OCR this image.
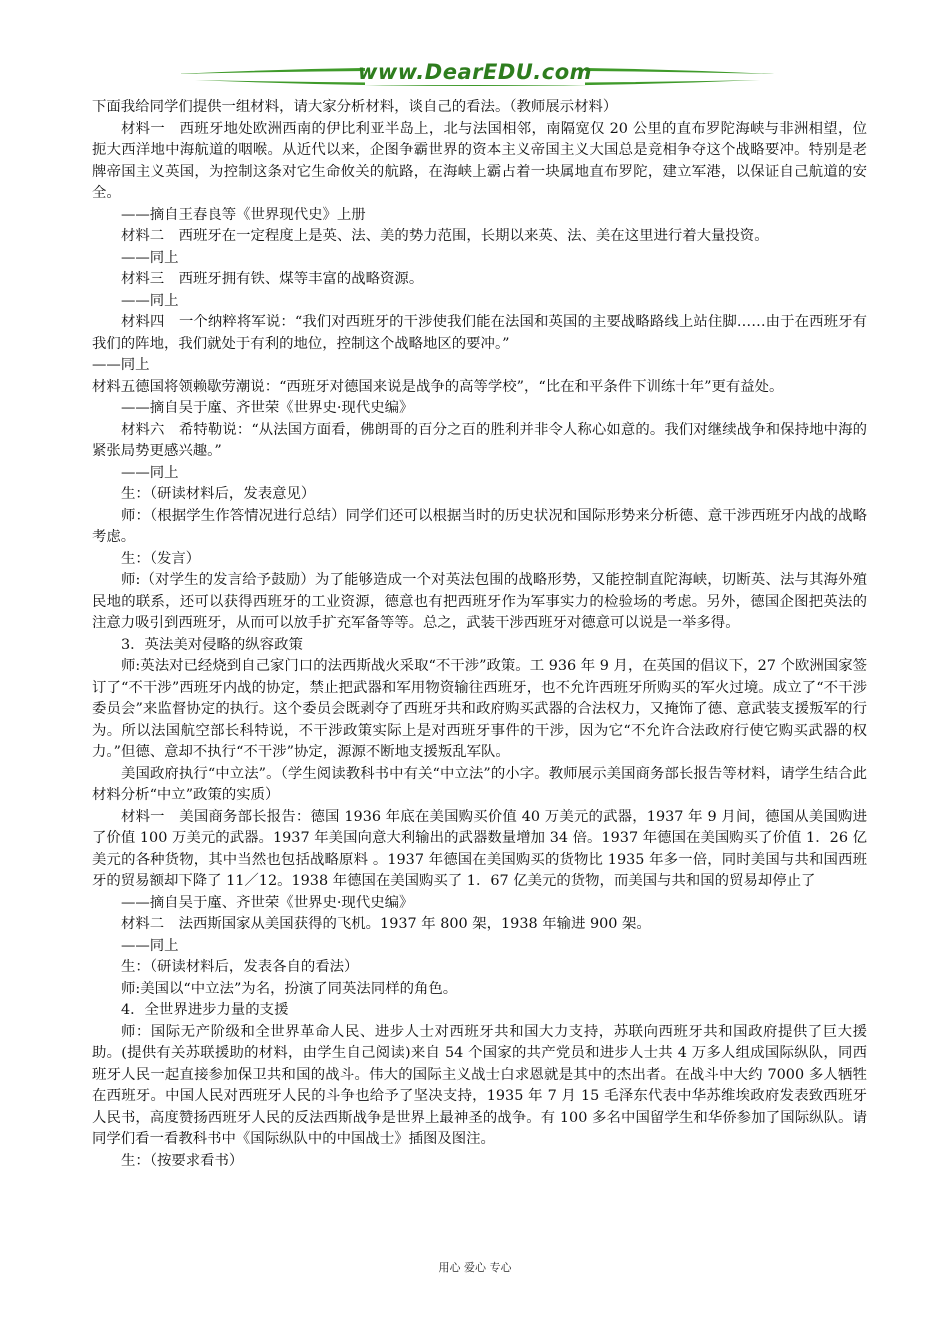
www.DearEDU.com

下面我给同学们提供一组材料，请大家分析材料，谈自己的看法。（教师展示材料）

材料一　西班牙地处欧洲西南的伊比利亚半岛上，北与法国相邻，南隔宽仅 20 公里的直布罗陀海峡与非洲相望，位扼大西洋地中海航道的咽喉。从近代以来，企图争霸世界的资本主义帝国主义大国总是竞相争夺这个战略要冲。特别是老牌帝国主义英国，为控制这条对它生命攸关的航路，在海峡上霸占着一块属地直布罗陀，建立军港，以保证自己航道的安全。

——摘自王春良等《世界现代史》上册

材料二　西班牙在一定程度上是英、法、美的势力范围，长期以来英、法、美在这里进行着大量投资。

——同上

材料三　西班牙拥有铁、煤等丰富的战略资源。

——同上

材料四　一个纳粹将军说：“我们对西班牙的干涉使我们能在法国和英国的主要战略路线上站住脚……由于在西班牙有我们的阵地，我们就处于有利的地位，控制这个战略地区的要冲。”

——同上

材料五德国将领赖歇劳潮说：“西班牙对德国来说是战争的高等学校”，“比在和平条件下训练十年”更有益处。

——摘自吴于廑、齐世荣《世界史·现代史编》

材料六　希特勒说：“从法国方面看，佛朗哥的百分之百的胜利并非令人称心如意的。我们对继续战争和保持地中海的紧张局势更感兴趣。”

——同上

生：（研读材料后，发表意见）

师：（根据学生作答情况进行总结）同学们还可以根据当时的历史状况和国际形势来分析德、意干涉西班牙内战的战略考虑。

生：（发言）

师:（对学生的发言给予鼓励）为了能够造成一个对英法包围的战略形势，又能控制直陀海峡，切断英、法与其海外殖民地的联系，还可以获得西班牙的工业资源，德意也有把西班牙作为军事实力的检验场的考虑。另外，德国企图把英法的注意力吸引到西班牙，从而可以放手扩充军备等等。总之，武装干涉西班牙对德意可以说是一举多得。

3．英法美对侵略的纵容政策

师:英法对已经烧到自己家门口的法西斯战火采取“不干涉”政策。工 936 年 9 月，在英国的倡议下，27 个欧洲国家签订了“不干涉”西班牙内战的协定，禁止把武器和军用物资输往西班牙，也不允许西班牙所购买的军火过境。成立了“不干涉委员会”来监督协定的执行。这个委员会既剥夺了西班牙共和政府购买武器的合法权力，又掩饰了德、意武装支援叛军的行为。所以法国航空部长科特说，不干涉政策实际上是对西班牙事件的干涉，因为它“不允许合法政府行使它购买武器的权力。”但德、意却不执行“不干涉”协定，源源不断地支援叛乱军队。

美国政府执行“中立法”。（学生阅读教科书中有关“中立法”的小字。教师展示美国商务部长报告等材料，请学生结合此材料分析“中立”政策的实质）

材料一　美国商务部长报告：德国 1936 年底在美国购买价值 40 万美元的武器，1937 年 9 月间，德国从美国购进了价值 100 万美元的武器。1937 年美国向意大利输出的武器数量增加 34 倍。1937 年德国在美国购买了价值 1．26 亿美元的各种货物，其中当然也包括战略原料 。1937 年德国在美国购买的货物比 1935 年多一倍，同时美国与共和国西班牙的贸易额却下降了 11／12。1938 年德国在美国购买了 1．67 亿美元的货物，而美国与共和国的贸易却停止了

——摘自吴于廑、齐世荣《世界史·现代史编》

材料二　法西斯国家从美国获得的飞机。1937 年 800 架，1938 年输进 900 架。

——同上

生：（研读材料后，发表各自的看法）

师:美国以“中立法”为名，扮演了同英法同样的角色。

4．全世界进步力量的支援

师：国际无产阶级和全世界革命人民、进步人士对西班牙共和国大力支持，苏联向西班牙共和国政府提供了巨大援助。(提供有关苏联援助的材料，由学生自己阅读)来自 54 个国家的共产党员和进步人士共 4 万多人组成国际纵队，同西班牙人民一起直接参加保卫共和国的战斗。伟大的国际主义战士白求恩就是其中的杰出者。在战斗中大约 7000 多人牺牲在西班牙。中国人民对西班牙人民的斗争也给予了坚决支持，1935 年 7 月 15 毛泽东代表中华苏维埃政府发表致西班牙人民书，高度赞扬西班牙人民的反法西斯战争是世界上最神圣的战争。有 100 多名中国留学生和华侨参加了国际纵队。请同学们看一看教科书中《国际纵队中的中国战士》插图及图注。

生：（按要求看书）

用心 爱心 专心
